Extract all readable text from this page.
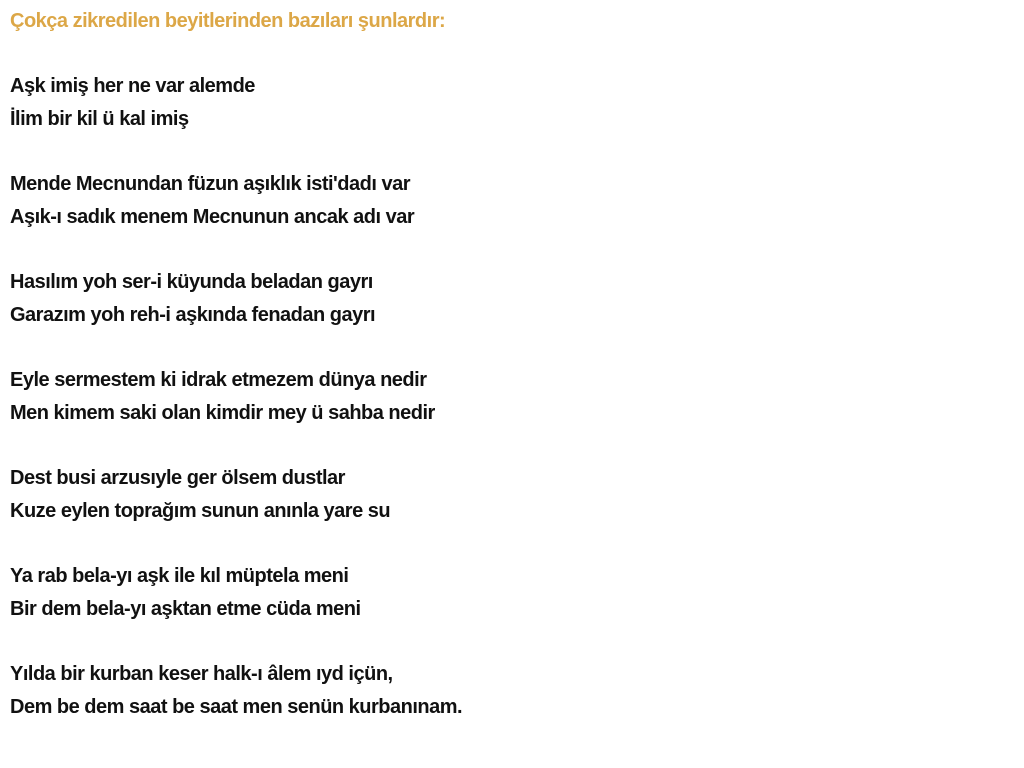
Çokça zikredilen beyitlerinden bazıları şunlardır:
Aşk imiş her ne var alemde
İlim bir kil ü kal imiş
Mende Mecnundan füzun aşıklık isti'dadı var
Aşık-ı sadık menem Mecnunun ancak adı var
Hasılım yoh ser-i küyunda beladan gayrı
Garazım yoh reh-i aşkında fenadan gayrı
Eyle sermestem ki idrak etmezem dünya nedir
Men kimem saki olan kimdir mey ü sahba nedir
Dest busi arzusıyle ger ölsem dustlar
Kuze eylen toprağım sunun anınla yare su
Ya rab bela-yı aşk ile kıl müptela meni
Bir dem bela-yı aşktan etme cüda meni
Yılda bir kurban keser halk-ı âlem ıyd içün,
Dem be dem saat be saat men senün kurbanınam.
